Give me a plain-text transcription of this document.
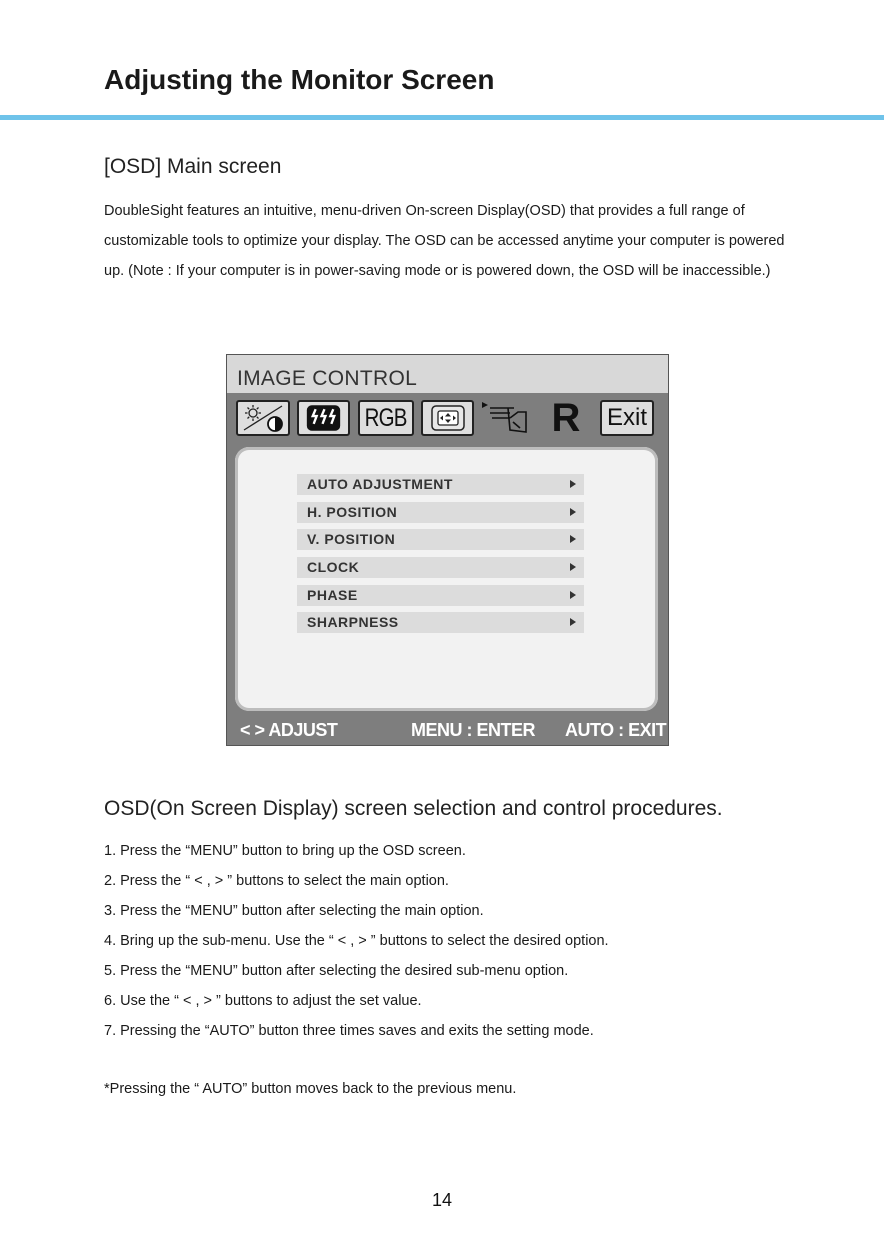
Adjusting the Monitor Screen
[OSD] Main screen

DoubleSight features an intuitive, menu-driven On-screen Display(OSD) that provides a full range of customizable tools to optimize your display. The OSD can be accessed anytime your computer is powered up. (Note : If your computer is in power-saving mode or is powered down, the OSD will be inaccessible.)

IMAGE CONTROL
RGB	R Exit
AUTO ADJUSTMENT
H. POSITION
V. POSITION
CLOCK
PHASE
SHARPNESS
< > ADJUST	MENU : ENTER AUTO : EXIT
OSD(On Screen Display) screen selection and control procedures.
1. Press the “MENU” button to bring up the OSD screen.
2. Press the “ < , > ” buttons to select the main option.
3. Press the “MENU” button after selecting the main option.
4. Bring up the sub-menu. Use the “ < , > ” buttons to select the desired option.
5. Press the “MENU” button after selecting the desired sub-menu option.
6. Use the “ < , > ” buttons to adjust the set value.
7. Pressing the “AUTO” button three times saves and exits the setting mode.

*Pressing the “ AUTO” button moves back to the previous menu.

14
